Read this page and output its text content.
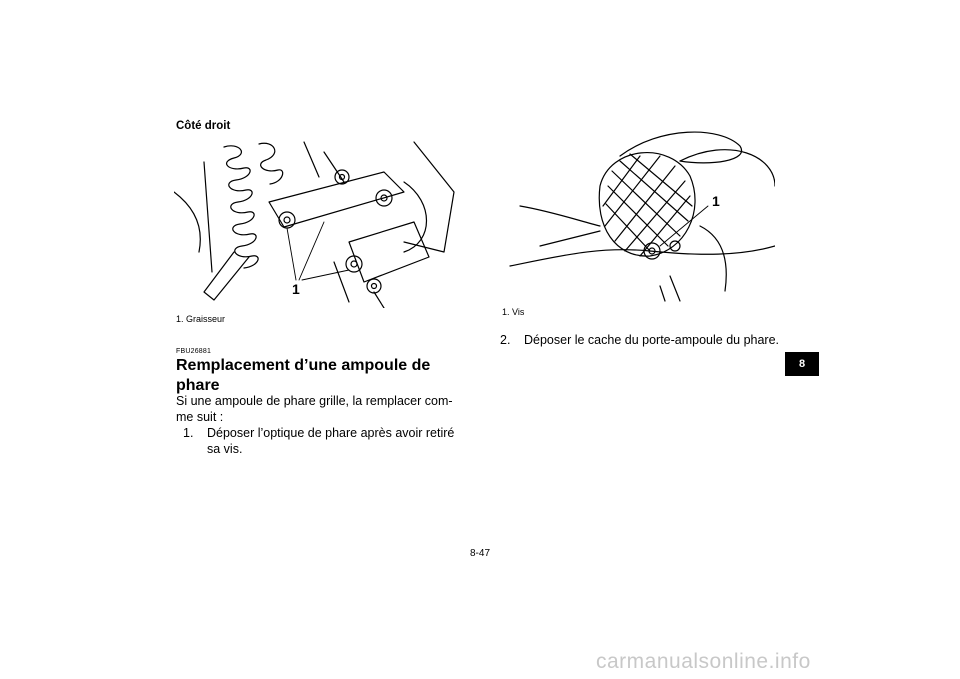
Côté droit
1
1. Graisseur
1
1. Vis
FBU26881
Remplacement d’une ampoule de
phare
Si une ampoule de phare grille, la remplacer com-
me suit :
1. Déposer l’optique de phare après avoir retiré
sa vis.
2. Déposer le cache du porte-ampoule du phare.
8
8-47
carmanualsonline.info
